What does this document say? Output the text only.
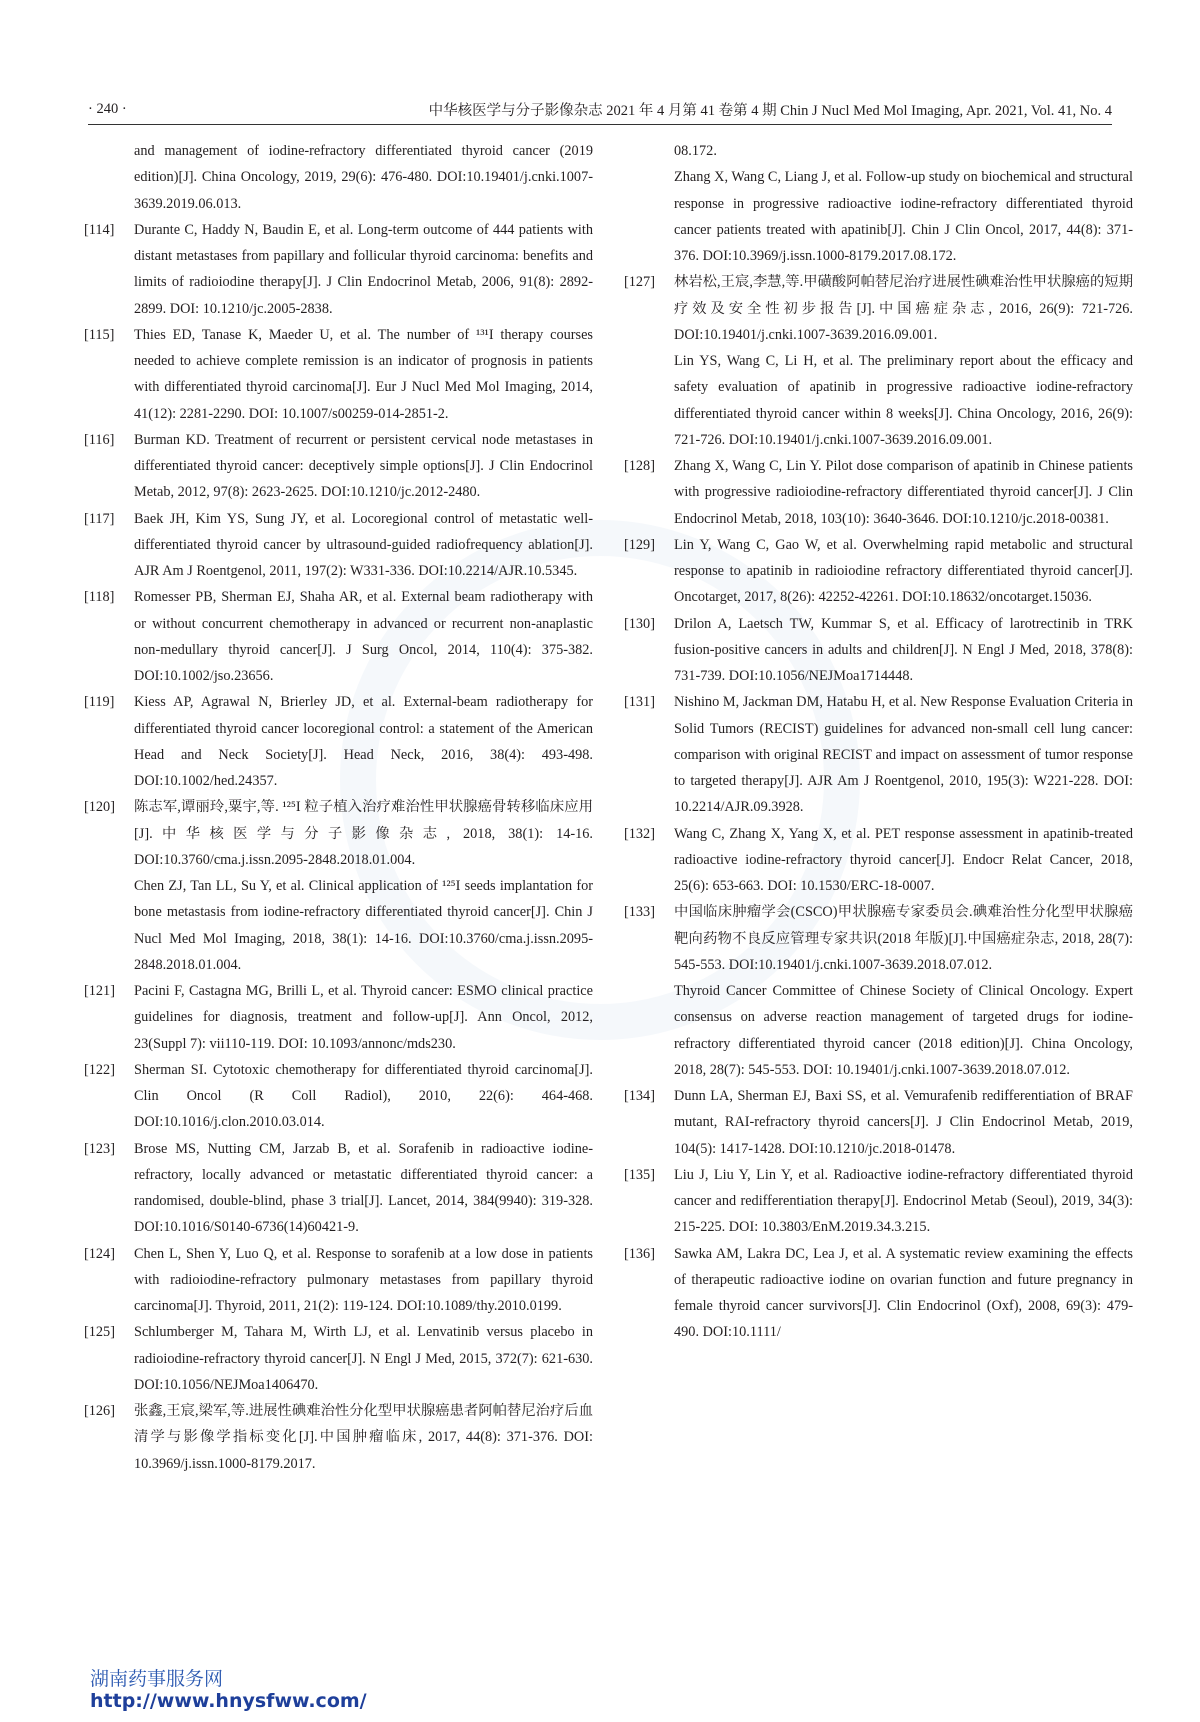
· 240 ·	中华核医学与分子影像杂志 2021 年 4 月第 41 卷第 4 期 Chin J Nucl Med Mol Imaging, Apr. 2021, Vol. 41, No. 4
and management of iodine-refractory differentiated thyroid cancer (2019 edition)[J]. China Oncology, 2019, 29(6): 476-480. DOI:10.19401/j.cnki.1007-3639.2019.06.013.
[114] Durante C, Haddy N, Baudin E, et al. Long-term outcome of 444 patients with distant metastases from papillary and follicular thyroid carcinoma: benefits and limits of radioiodine therapy[J]. J Clin Endocrinol Metab, 2006, 91(8): 2892-2899. DOI: 10.1210/jc.2005-2838.
[115] Thies ED, Tanase K, Maeder U, et al. The number of ¹³¹I therapy courses needed to achieve complete remission is an indicator of prognosis in patients with differentiated thyroid carcinoma[J]. Eur J Nucl Med Mol Imaging, 2014, 41(12): 2281-2290. DOI: 10.1007/s00259-014-2851-2.
[116] Burman KD. Treatment of recurrent or persistent cervical node metastases in differentiated thyroid cancer: deceptively simple options[J]. J Clin Endocrinol Metab, 2012, 97(8): 2623-2625. DOI:10.1210/jc.2012-2480.
[117] Baek JH, Kim YS, Sung JY, et al. Locoregional control of metastatic well-differentiated thyroid cancer by ultrasound-guided radiofrequency ablation[J]. AJR Am J Roentgenol, 2011, 197(2): W331-336. DOI:10.2214/AJR.10.5345.
[118] Romesser PB, Sherman EJ, Shaha AR, et al. External beam radiotherapy with or without concurrent chemotherapy in advanced or recurrent non-anaplastic non-medullary thyroid cancer[J]. J Surg Oncol, 2014, 110(4): 375-382. DOI:10.1002/jso.23656.
[119] Kiess AP, Agrawal N, Brierley JD, et al. External-beam radiotherapy for differentiated thyroid cancer locoregional control: a statement of the American Head and Neck Society[J]. Head Neck, 2016, 38(4): 493-498. DOI:10.1002/hed.24357.
[120] 陈志军,谭丽玲,粟宇,等. ¹²⁵I 粒子植入治疗难治性甲状腺癌骨转移临床应用[J].中华核医学与分子影像杂志, 2018, 38(1): 14-16. DOI:10.3760/cma.j.issn.2095-2848.2018.01.004.
Chen ZJ, Tan LL, Su Y, et al. Clinical application of ¹²⁵I seeds implantation for bone metastasis from iodine-refractory differentiated thyroid cancer[J]. Chin J Nucl Med Mol Imaging, 2018, 38(1): 14-16. DOI:10.3760/cma.j.issn.2095-2848.2018.01.004.
[121] Pacini F, Castagna MG, Brilli L, et al. Thyroid cancer: ESMO clinical practice guidelines for diagnosis, treatment and follow-up[J]. Ann Oncol, 2012, 23(Suppl 7): vii110-119. DOI: 10.1093/annonc/mds230.
[122] Sherman SI. Cytotoxic chemotherapy for differentiated thyroid carcinoma[J]. Clin Oncol (R Coll Radiol), 2010, 22(6): 464-468. DOI:10.1016/j.clon.2010.03.014.
[123] Brose MS, Nutting CM, Jarzab B, et al. Sorafenib in radioactive iodine-refractory, locally advanced or metastatic differentiated thyroid cancer: a randomised, double-blind, phase 3 trial[J]. Lancet, 2014, 384(9940): 319-328. DOI:10.1016/S0140-6736(14)60421-9.
[124] Chen L, Shen Y, Luo Q, et al. Response to sorafenib at a low dose in patients with radioiodine-refractory pulmonary metastases from papillary thyroid carcinoma[J]. Thyroid, 2011, 21(2): 119-124. DOI:10.1089/thy.2010.0199.
[125] Schlumberger M, Tahara M, Wirth LJ, et al. Lenvatinib versus placebo in radioiodine-refractory thyroid cancer[J]. N Engl J Med, 2015, 372(7): 621-630. DOI:10.1056/NEJMoa1406470.
[126] 张鑫,王宸,梁军,等.进展性碘难治性分化型甲状腺癌患者阿帕替尼治疗后血清学与影像学指标变化[J].中国肿瘤临床, 2017, 44(8): 371-376. DOI: 10.3969/j.issn.1000-8179.2017.
08.172.
Zhang X, Wang C, Liang J, et al. Follow-up study on biochemical and structural response in progressive radioactive iodine-refractory differentiated thyroid cancer patients treated with apatinib[J]. Chin J Clin Oncol, 2017, 44(8): 371-376. DOI:10.3969/j.issn.1000-8179.2017.08.172.
[127] 林岩松,王宸,李慧,等.甲磺酸阿帕替尼治疗进展性碘难治性甲状腺癌的短期疗效及安全性初步报告[J].中国癌症杂志, 2016, 26(9): 721-726. DOI:10.19401/j.cnki.1007-3639.2016.09.001.
Lin YS, Wang C, Li H, et al. The preliminary report about the efficacy and safety evaluation of apatinib in progressive radioactive iodine-refractory differentiated thyroid cancer within 8 weeks[J]. China Oncology, 2016, 26(9): 721-726. DOI:10.19401/j.cnki.1007-3639.2016.09.001.
[128] Zhang X, Wang C, Lin Y. Pilot dose comparison of apatinib in Chinese patients with progressive radioiodine-refractory differentiated thyroid cancer[J]. J Clin Endocrinol Metab, 2018, 103(10): 3640-3646. DOI:10.1210/jc.2018-00381.
[129] Lin Y, Wang C, Gao W, et al. Overwhelming rapid metabolic and structural response to apatinib in radioiodine refractory differentiated thyroid cancer[J]. Oncotarget, 2017, 8(26): 42252-42261. DOI:10.18632/oncotarget.15036.
[130] Drilon A, Laetsch TW, Kummar S, et al. Efficacy of larotrectinib in TRK fusion-positive cancers in adults and children[J]. N Engl J Med, 2018, 378(8): 731-739. DOI:10.1056/NEJMoa1714448.
[131] Nishino M, Jackman DM, Hatabu H, et al. New Response Evaluation Criteria in Solid Tumors (RECIST) guidelines for advanced non-small cell lung cancer: comparison with original RECIST and impact on assessment of tumor response to targeted therapy[J]. AJR Am J Roentgenol, 2010, 195(3): W221-228. DOI: 10.2214/AJR.09.3928.
[132] Wang C, Zhang X, Yang X, et al. PET response assessment in apatinib-treated radioactive iodine-refractory thyroid cancer[J]. Endocr Relat Cancer, 2018, 25(6): 653-663. DOI: 10.1530/ERC-18-0007.
[133] 中国临床肿瘤学会(CSCO)甲状腺癌专家委员会.碘难治性分化型甲状腺癌靶向药物不良反应管理专家共识(2018 年版)[J].中国癌症杂志, 2018, 28(7): 545-553. DOI:10.19401/j.cnki.1007-3639.2018.07.012.
Thyroid Cancer Committee of Chinese Society of Clinical Oncology. Expert consensus on adverse reaction management of targeted drugs for iodine-refractory differentiated thyroid cancer (2018 edition)[J]. China Oncology, 2018, 28(7): 545-553. DOI: 10.19401/j.cnki.1007-3639.2018.07.012.
[134] Dunn LA, Sherman EJ, Baxi SS, et al. Vemurafenib redifferentiation of BRAF mutant, RAI-refractory thyroid cancers[J]. J Clin Endocrinol Metab, 2019, 104(5): 1417-1428. DOI:10.1210/jc.2018-01478.
[135] Liu J, Liu Y, Lin Y, et al. Radioactive iodine-refractory differentiated thyroid cancer and redifferentiation therapy[J]. Endocrinol Metab (Seoul), 2019, 34(3): 215-225. DOI: 10.3803/EnM.2019.34.3.215.
[136] Sawka AM, Lakra DC, Lea J, et al. A systematic review examining the effects of therapeutic radioactive iodine on ovarian function and future pregnancy in female thyroid cancer survivors[J]. Clin Endocrinol (Oxf), 2008, 69(3): 479-490. DOI:10.1111/
湖南药事服务网
http://www.hnysfww.com/
